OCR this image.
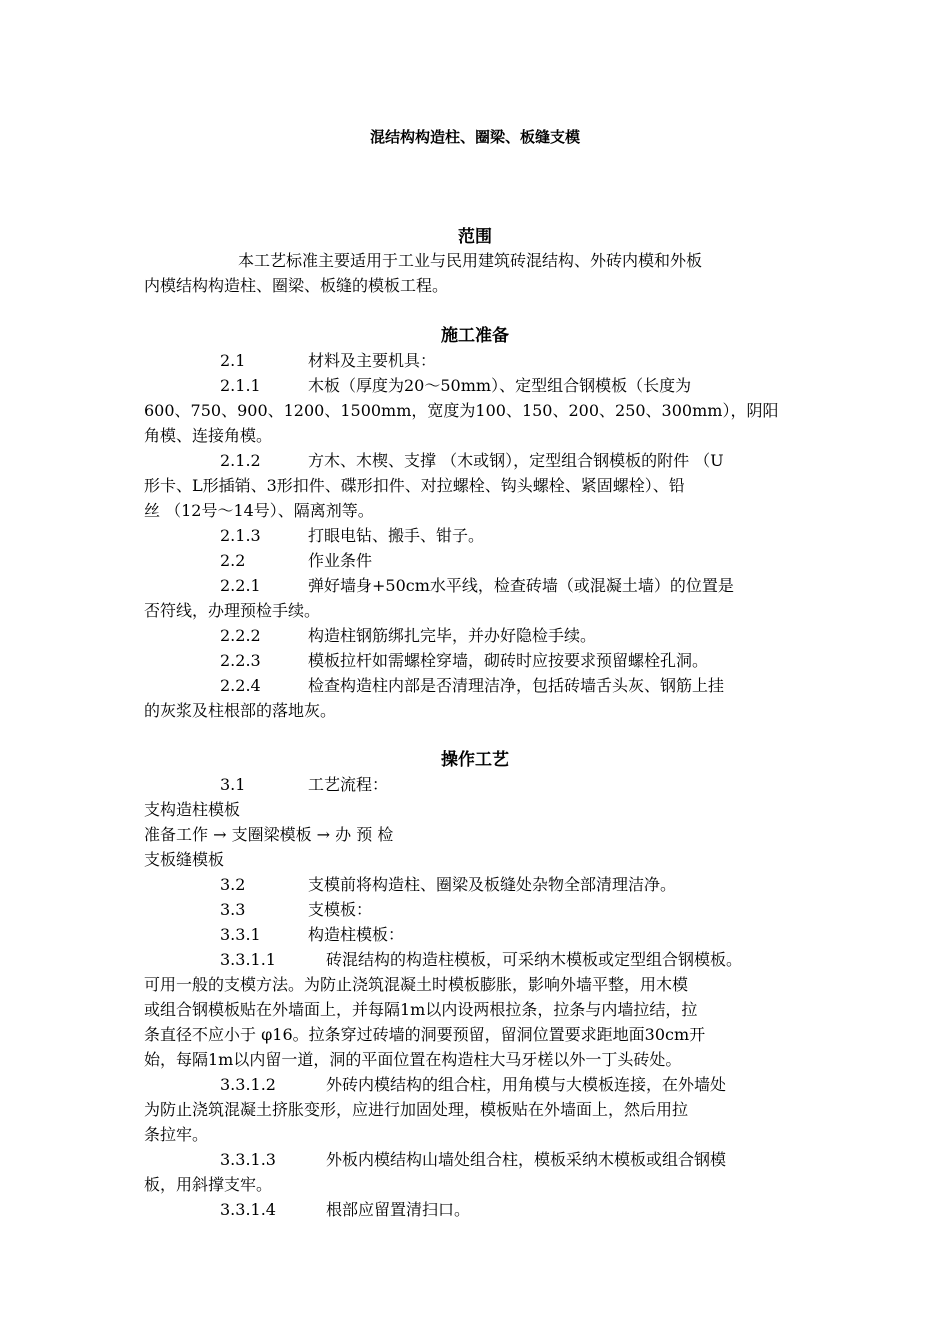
混结构构造柱、圈梁、板缝支模
范围
本工艺标准主要适用于工业与民用建筑砖混结构、外砖内模和外板
内模结构构造柱、圈梁、板缝的模板工程。
施工准备
2.1	材料及主要机具：
2.1.1	木板（厚度为20～50mm）、定型组合钢模板（长度为
600、750、900、1200、1500mm，宽度为100、150、200、250、300mm），阴阳
角模、连接角模。
2.1.2	方木、木楔、支撑 （木或钢），定型组合钢模板的附件 （U
形卡、L形插销、3形扣件、碟形扣件、对拉螺栓、钩头螺栓、紧固螺栓）、铅
丝 （12号～14号）、隔离剂等。
2.1.3	打眼电钻、搬手、钳子。
2.2	作业条件
2.2.1	弹好墙身+50cm水平线，检查砖墙（或混凝土墙）的位置是
否符线，办理预检手续。
2.2.2	构造柱钢筋绑扎完毕，并办好隐检手续。
2.2.3	模板拉杆如需螺栓穿墙，砌砖时应按要求预留螺栓孔洞。
2.2.4	检查构造柱内部是否清理洁净，包括砖墙舌头灰、钢筋上挂
的灰浆及柱根部的落地灰。
操作工艺
3.1	工艺流程：
支构造柱模板
准备工作 → 支圈梁模板 → 办 预 检
支板缝模板
3.2	支模前将构造柱、圈梁及板缝处杂物全部清理洁净。
3.3	支模板：
3.3.1	构造柱模板：
3.3.1.1	砖混结构的构造柱模板，可采纳木模板或定型组合钢模板。
可用一般的支模方法。为防止浇筑混凝土时模板膨胀，影响外墙平整，用木模
或组合钢模板贴在外墙面上，并每隔1m以内设两根拉条，拉条与内墙拉结，拉
条直径不应小于 φ16。拉条穿过砖墙的洞要预留，留洞位置要求距地面30cm开
始，每隔1m以内留一道，洞的平面位置在构造柱大马牙槎以外一丁头砖处。
3.3.1.2	外砖内模结构的组合柱，用角模与大模板连接，在外墙处
为防止浇筑混凝土挤胀变形，应进行加固处理，模板贴在外墙面上，然后用拉
条拉牢。
3.3.1.3	外板内模结构山墙处组合柱，模板采纳木模板或组合钢模
板，用斜撑支牢。
3.3.1.4	根部应留置清扫口。
